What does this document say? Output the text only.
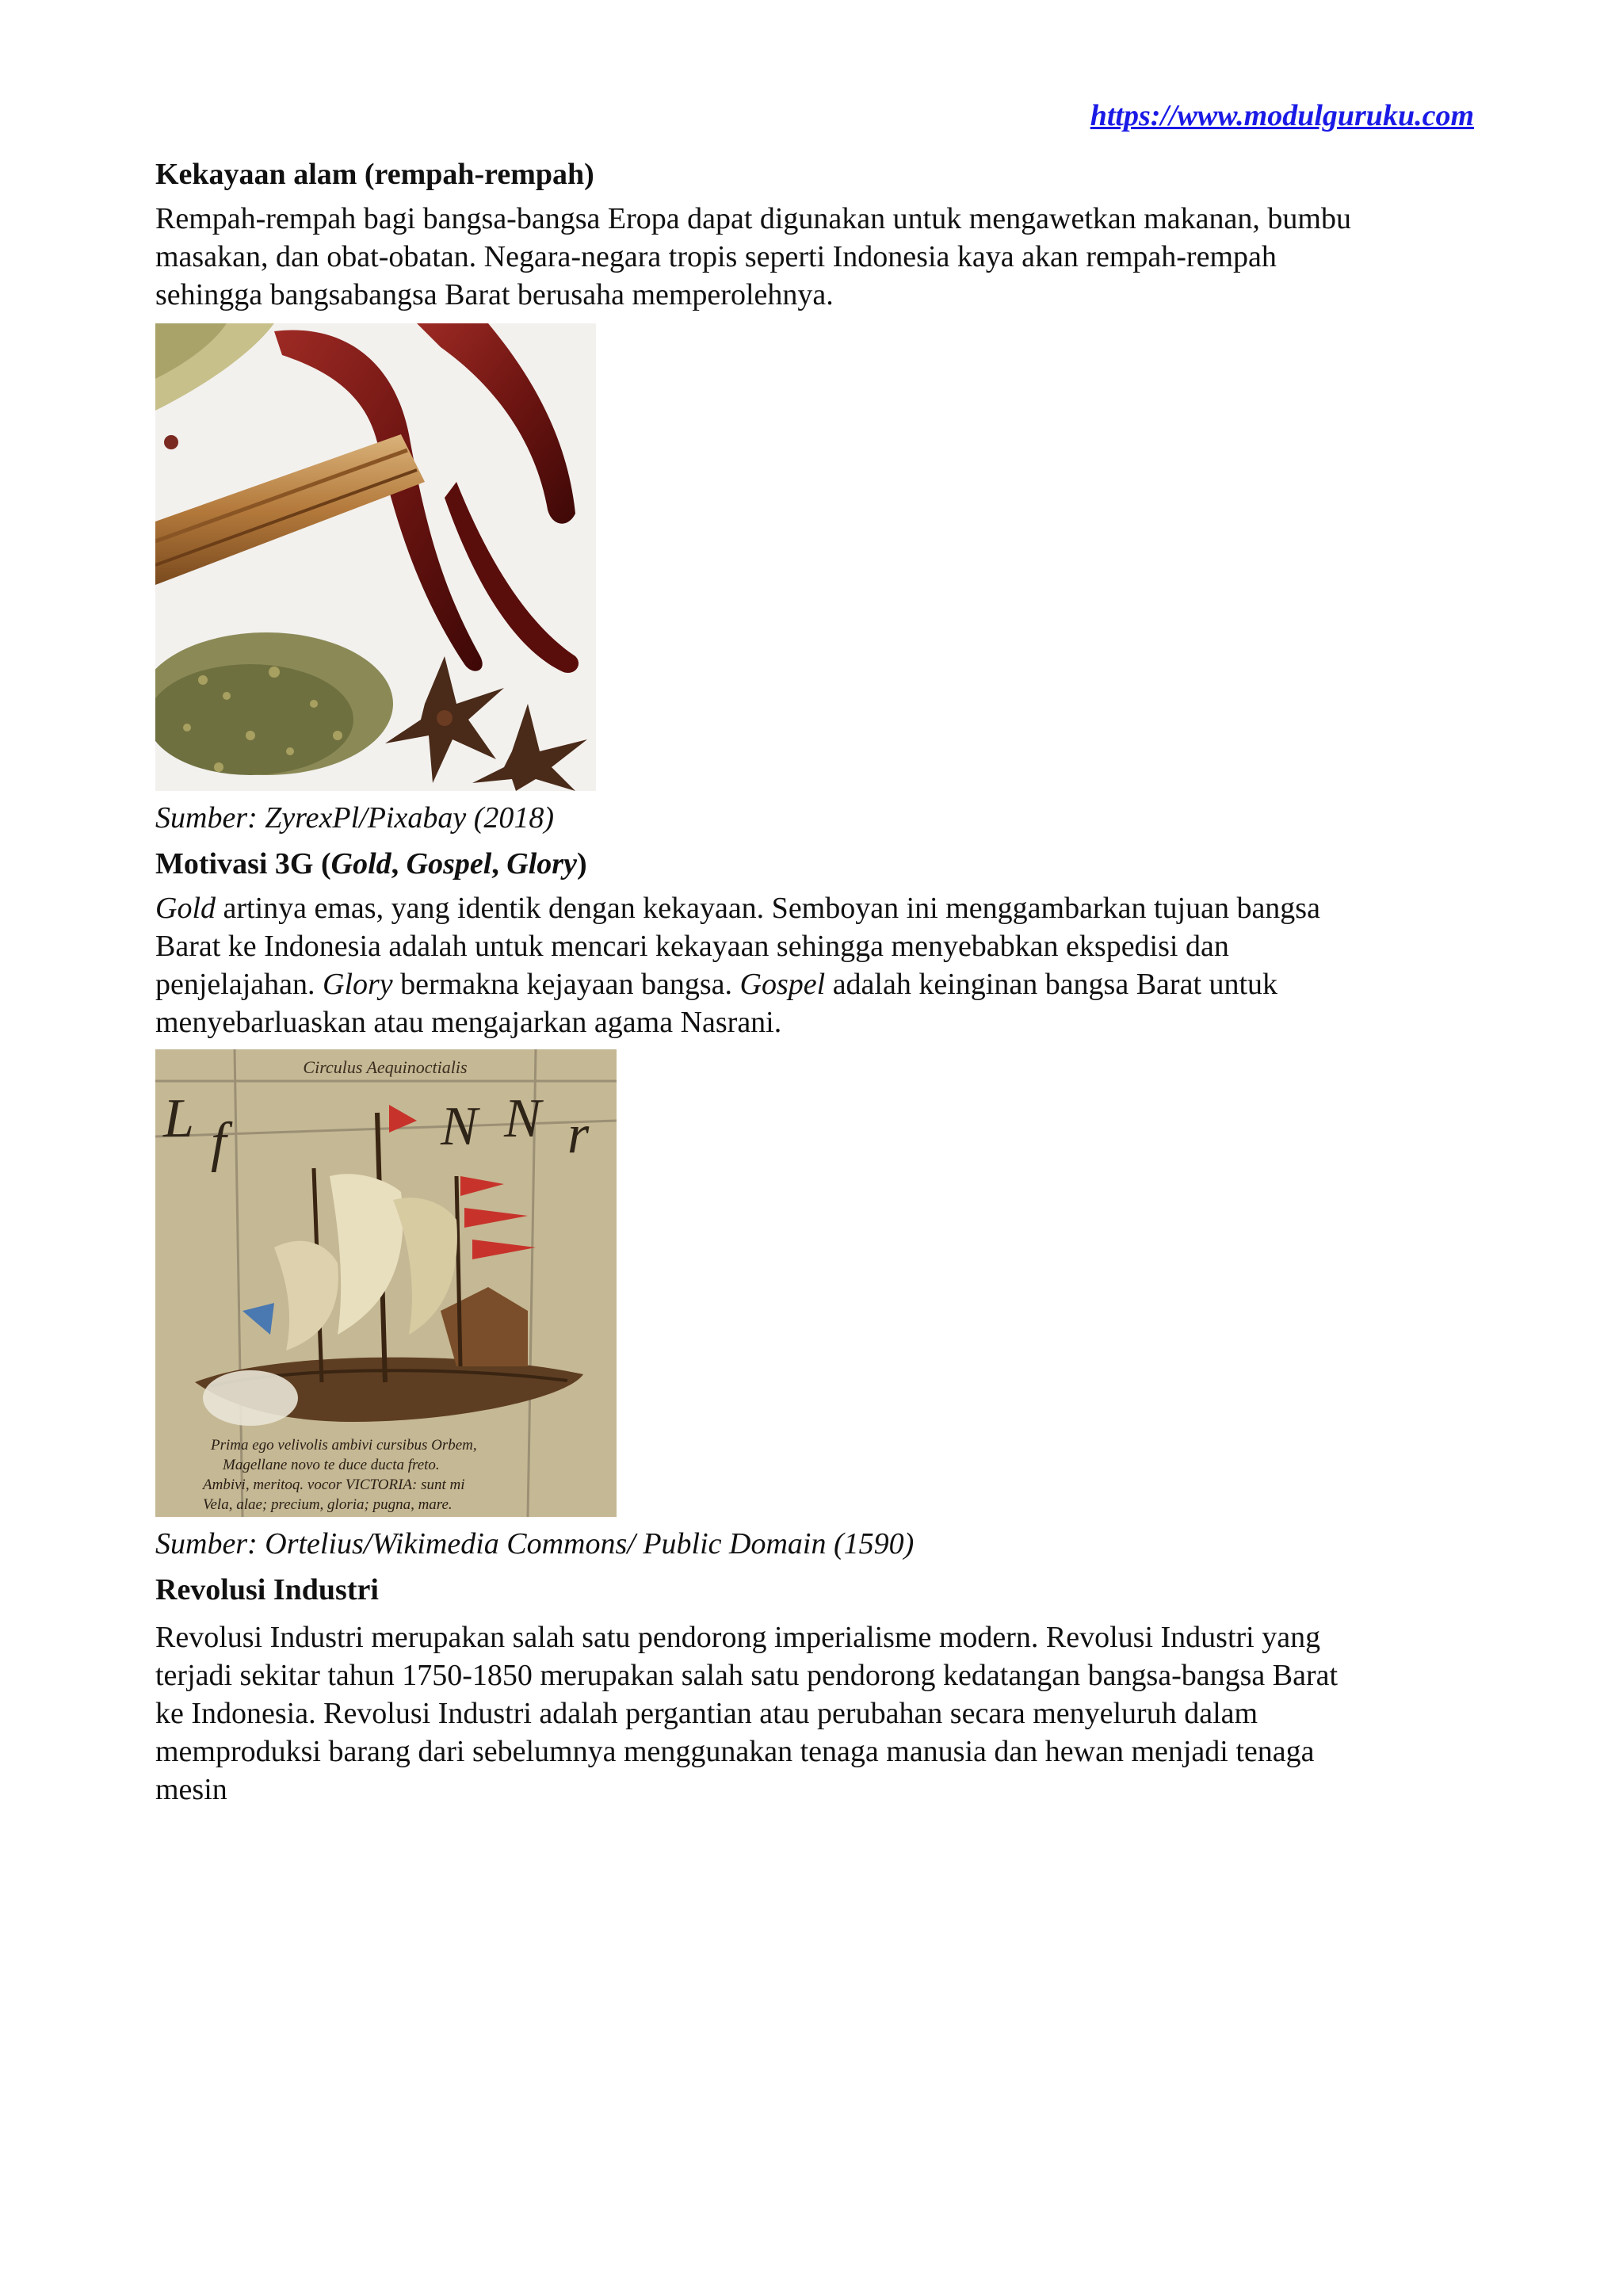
https://www.modulguruku.com
Kekayaan alam (rempah-rempah)

Rempah-rempah bagi bangsa-bangsa Eropa dapat digunakan untuk mengawetkan makanan, bumbu

masakan, dan obat-obatan. Negara-negara tropis seperti Indonesia kaya akan rempah-rempah

sehingga bangsabangsa Barat berusaha memperolehnya.

Sumber: ZyrexPl/Pixabay (2018)

Motivasi 3G (Gold, Gospel, Glory)

Gold artinya emas, yang identik dengan kekayaan. Semboyan ini menggambarkan tujuan bangsa

Barat ke Indonesia adalah untuk mencari kekayaan sehingga menyebabkan ekspedisi dan

penjelajahan. Glory bermakna kejayaan bangsa. Gospel adalah keinginan bangsa Barat untuk

menyebarluaskan atau mengajarkan agama Nasrani.

Circulus Aequinoctialis
L f	N N r
Prima ego velivolis ambivi cursibus Orbem,
Magellane novo te duce ducta freto.
Ambivi, meritoq. vocor VICTORIA: sunt mi
Vela, alae; precium, gloria; pugna, mare.

Sumber: Ortelius/Wikimedia Commons/ Public Domain (1590)

Revolusi Industri

Revolusi Industri merupakan salah satu pendorong imperialisme modern. Revolusi Industri yang

terjadi sekitar tahun 1750-1850 merupakan salah satu pendorong kedatangan bangsa-bangsa Barat

ke Indonesia. Revolusi Industri adalah pergantian atau perubahan secara menyeluruh dalam

memproduksi barang dari sebelumnya menggunakan tenaga manusia dan hewan menjadi tenaga

mesin
